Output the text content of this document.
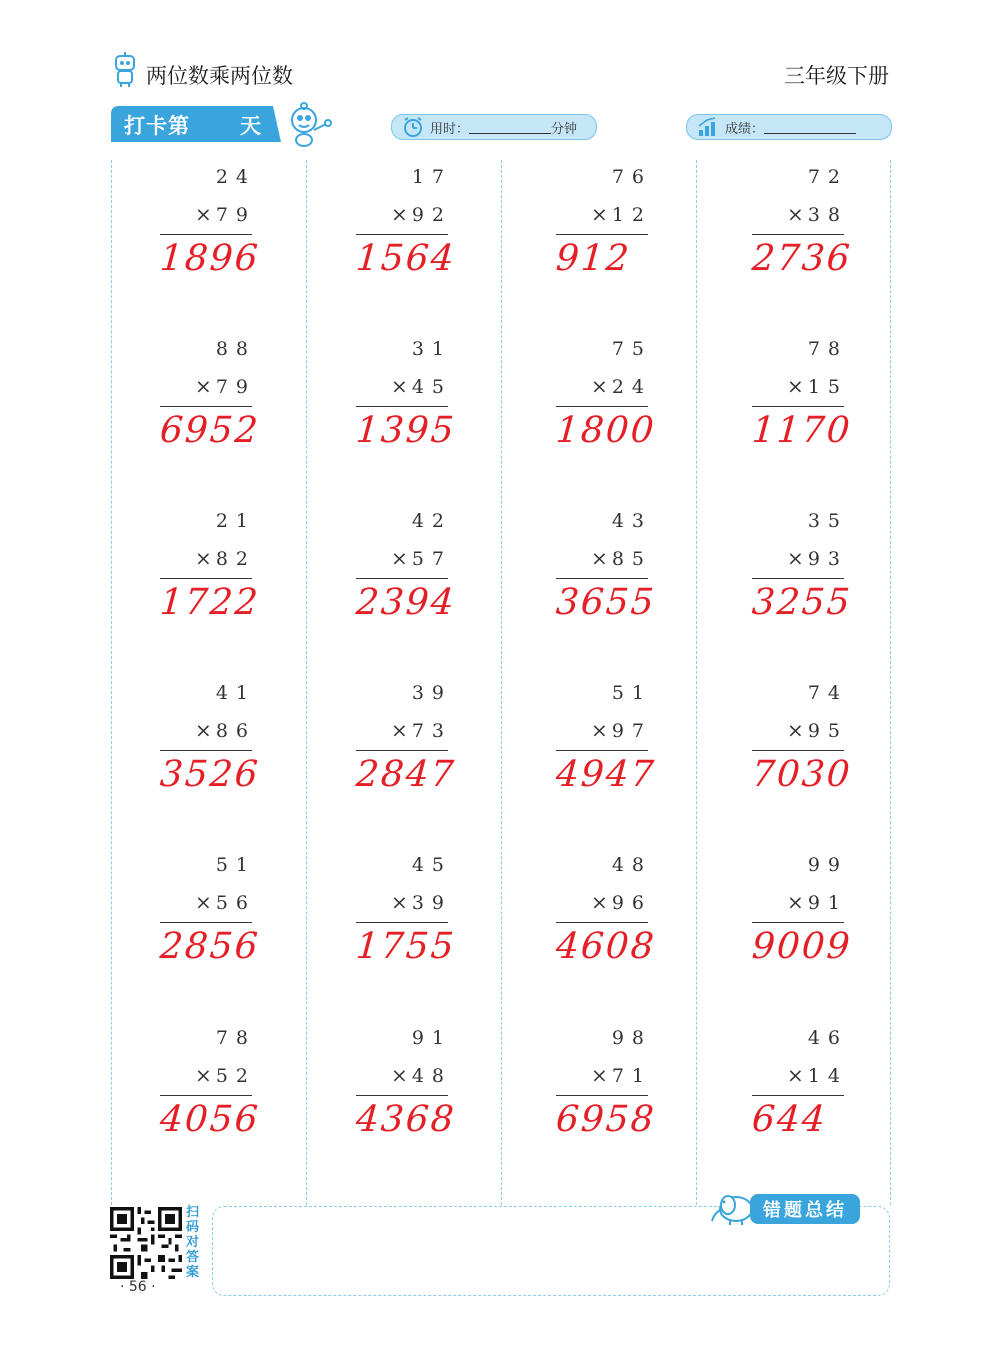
两位数乘两位数	三年级下册
打卡第 天	用时：	分钟	成绩：
24
× 79
1896
17
× 92
1564
76
× 12
912
72
× 38
2736
88
× 79
6952
31
× 45
1395
75
× 24
1800
78
× 15
1170
21
× 82
1722
42
× 57
2394
43
× 85
3655
35
× 93
3255
41
× 86
3526
39
× 73
2847
51
× 97
4947
74
× 95
7030
51
× 56
2856
45
× 39
1755
48
× 96
4608
99
× 91
9009
78
× 52
4056
91
× 48
4368
98
× 71
6958
46
× 14
644
扫码对答案
· 56 ·
错题总结
